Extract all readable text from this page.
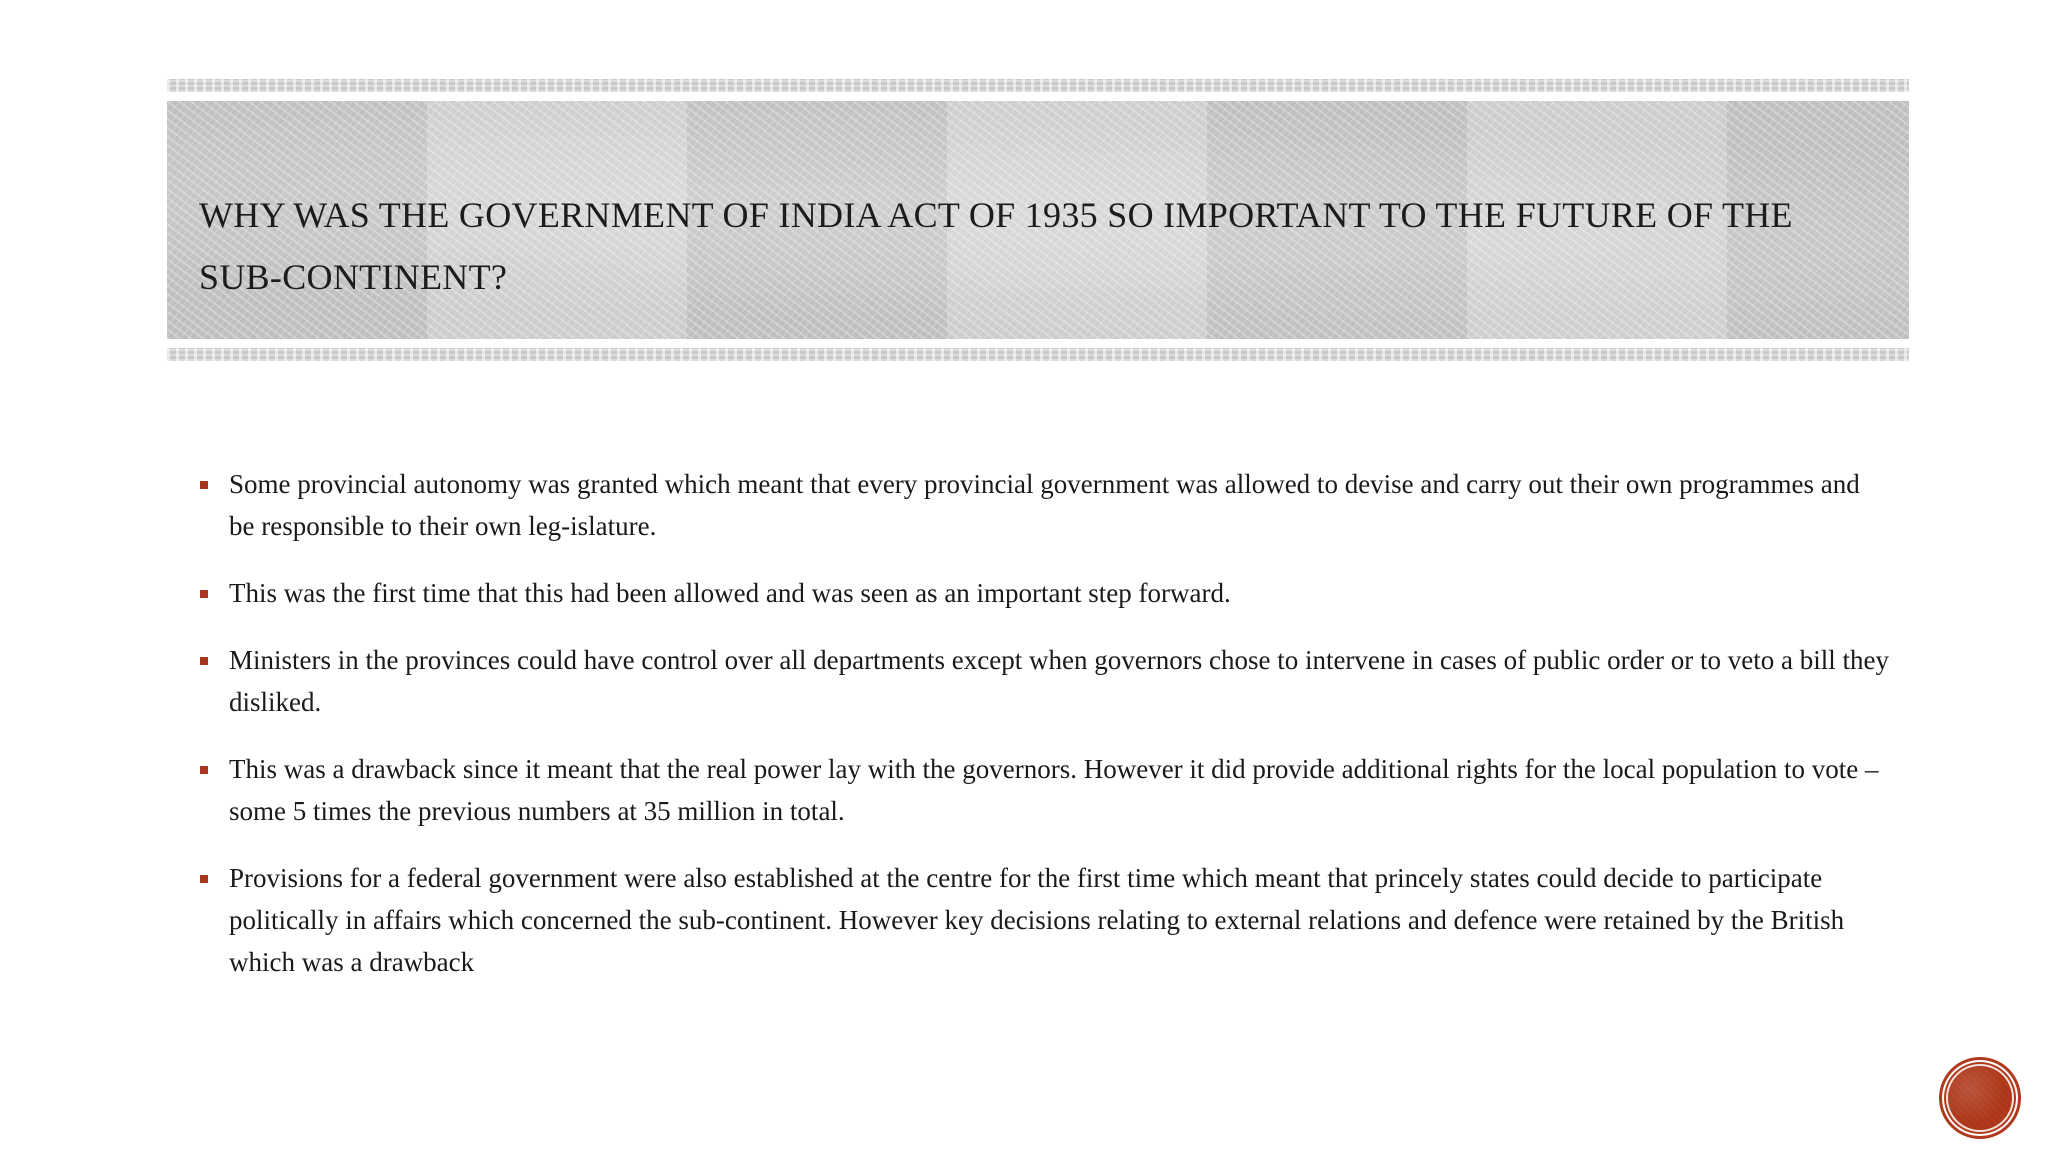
WHY WAS THE GOVERNMENT OF INDIA ACT OF 1935 SO IMPORTANT TO THE FUTURE OF THE SUB-CONTINENT?
Some provincial autonomy was granted which meant that every provincial government was allowed to devise and carry out their own programmes and be responsible to their own leg-islature.
This was the first time that this had been allowed and was seen as an important step forward.
Ministers in the provinces could have control over all departments except when governors chose to intervene in cases of public order or to veto a bill they disliked.
This was a drawback since it meant that the real power lay with the governors. However it did provide additional rights for the local population to vote – some 5 times the previous numbers at 35 million in total.
Provisions for a federal government were also established at the centre for the first time which meant that princely states could decide to participate politically in affairs which concerned the sub-continent. However key decisions relating to external relations and defence were retained by the British which was a drawback
